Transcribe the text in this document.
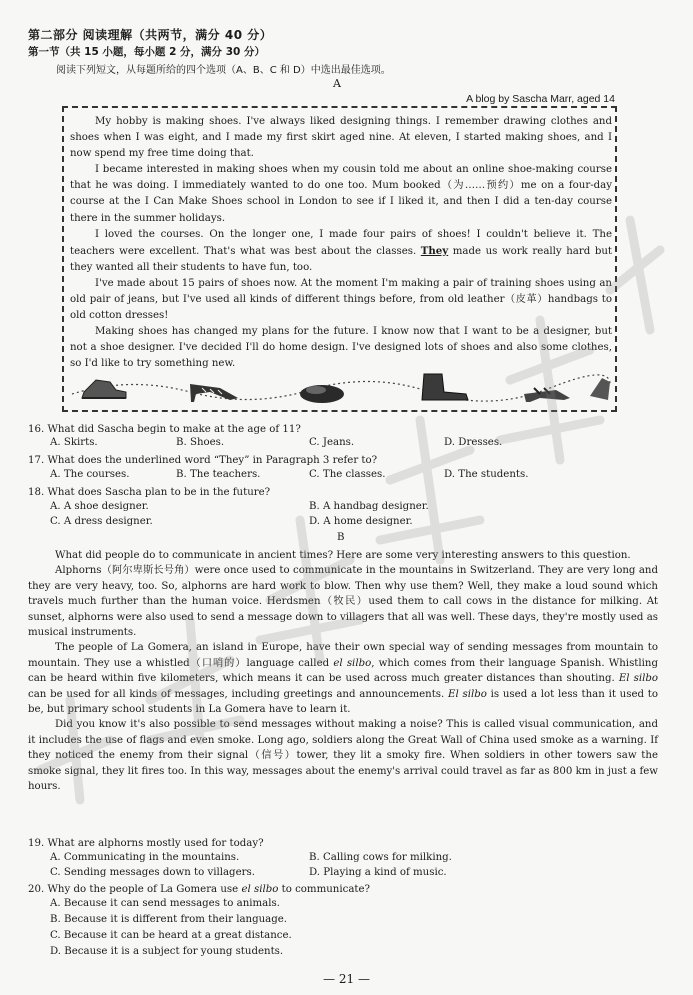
第二部分 阅读理解（共两节，满分 40 分）
第一节（共 15 小题，每小题 2 分，满分 30 分）
阅读下列短文，从每题所给的四个选项（A、B、C 和 D）中选出最佳选项。
A
A blog by Sascha Marr, aged 14

My hobby is making shoes. I've always liked designing things. I remember drawing clothes and shoes when I was eight, and I made my first skirt aged nine. At eleven, I started making shoes, and I now spend my free time doing that.

I became interested in making shoes when my cousin told me about an online shoe-making course that he was doing. I immediately wanted to do one too. Mum booked（为……预约）me on a four-day course at the I Can Make Shoes school in London to see if I liked it, and then I did a ten-day course there in the summer holidays.

I loved the courses. On the longer one, I made four pairs of shoes! I couldn't believe it. The teachers were excellent. That's what was best about the classes. They made us work really hard but they wanted all their students to have fun, too.

I've made about 15 pairs of shoes now. At the moment I'm making a pair of training shoes using an old pair of jeans, but I've used all kinds of different things before, from old leather（皮革）handbags to old cotton dresses!

Making shoes has changed my plans for the future. I know now that I want to be a designer, but not a shoe designer. I've decided I'll do home design. I've designed lots of shoes and also some clothes, so I'd like to try something new.

16. What did Sascha begin to make at the age of 11?
A. Skirts.	B. Shoes.	C. Jeans.	D. Dresses.
17. What does the underlined word “They” in Paragraph 3 refer to?
A. The courses.	B. The teachers.	C. The classes.	D. The students.
18. What does Sascha plan to be in the future?
A. A shoe designer.	B. A handbag designer.
C. A dress designer.	D. A home designer.
B

What did people do to communicate in ancient times? Here are some very interesting answers to this question.

Alphorns（阿尔卑斯长号角）were once used to communicate in the mountains in Switzerland. They are very long and they are very heavy, too. So, alphorns are hard work to blow. Then why use them? Well, they make a loud sound which travels much further than the human voice. Herdsmen（牧民）used them to call cows in the distance for milking. At sunset, alphorns were also used to send a message down to villagers that all was well. These days, they're mostly used as musical instruments.

The people of La Gomera, an island in Europe, have their own special way of sending messages from mountain to mountain. They use a whistled（口哨的）language called el silbo, which comes from their language Spanish. Whistling can be heard within five kilometers, which means it can be used across much greater distances than shouting. El silbo can be used for all kinds of messages, including greetings and announcements. El silbo is used a lot less than it used to be, but primary school students in La Gomera have to learn it.

Did you know it's also possible to send messages without making a noise? This is called visual communication, and it includes the use of flags and even smoke. Long ago, soldiers along the Great Wall of China used smoke as a warning. If they noticed the enemy from their signal（信号）tower, they lit a smoky fire. When soldiers in other towers saw the smoke signal, they lit fires too. In this way, messages about the enemy's arrival could travel as far as 800 km in just a few hours.

19. What are alphorns mostly used for today?
A. Communicating in the mountains.	B. Calling cows for milking.
C. Sending messages down to villagers.	D. Playing a kind of music.
20. Why do the people of La Gomera use el silbo to communicate?
A. Because it can send messages to animals.
B. Because it is different from their language.
C. Because it can be heard at a great distance.
D. Because it is a subject for young students.
— 21 —
